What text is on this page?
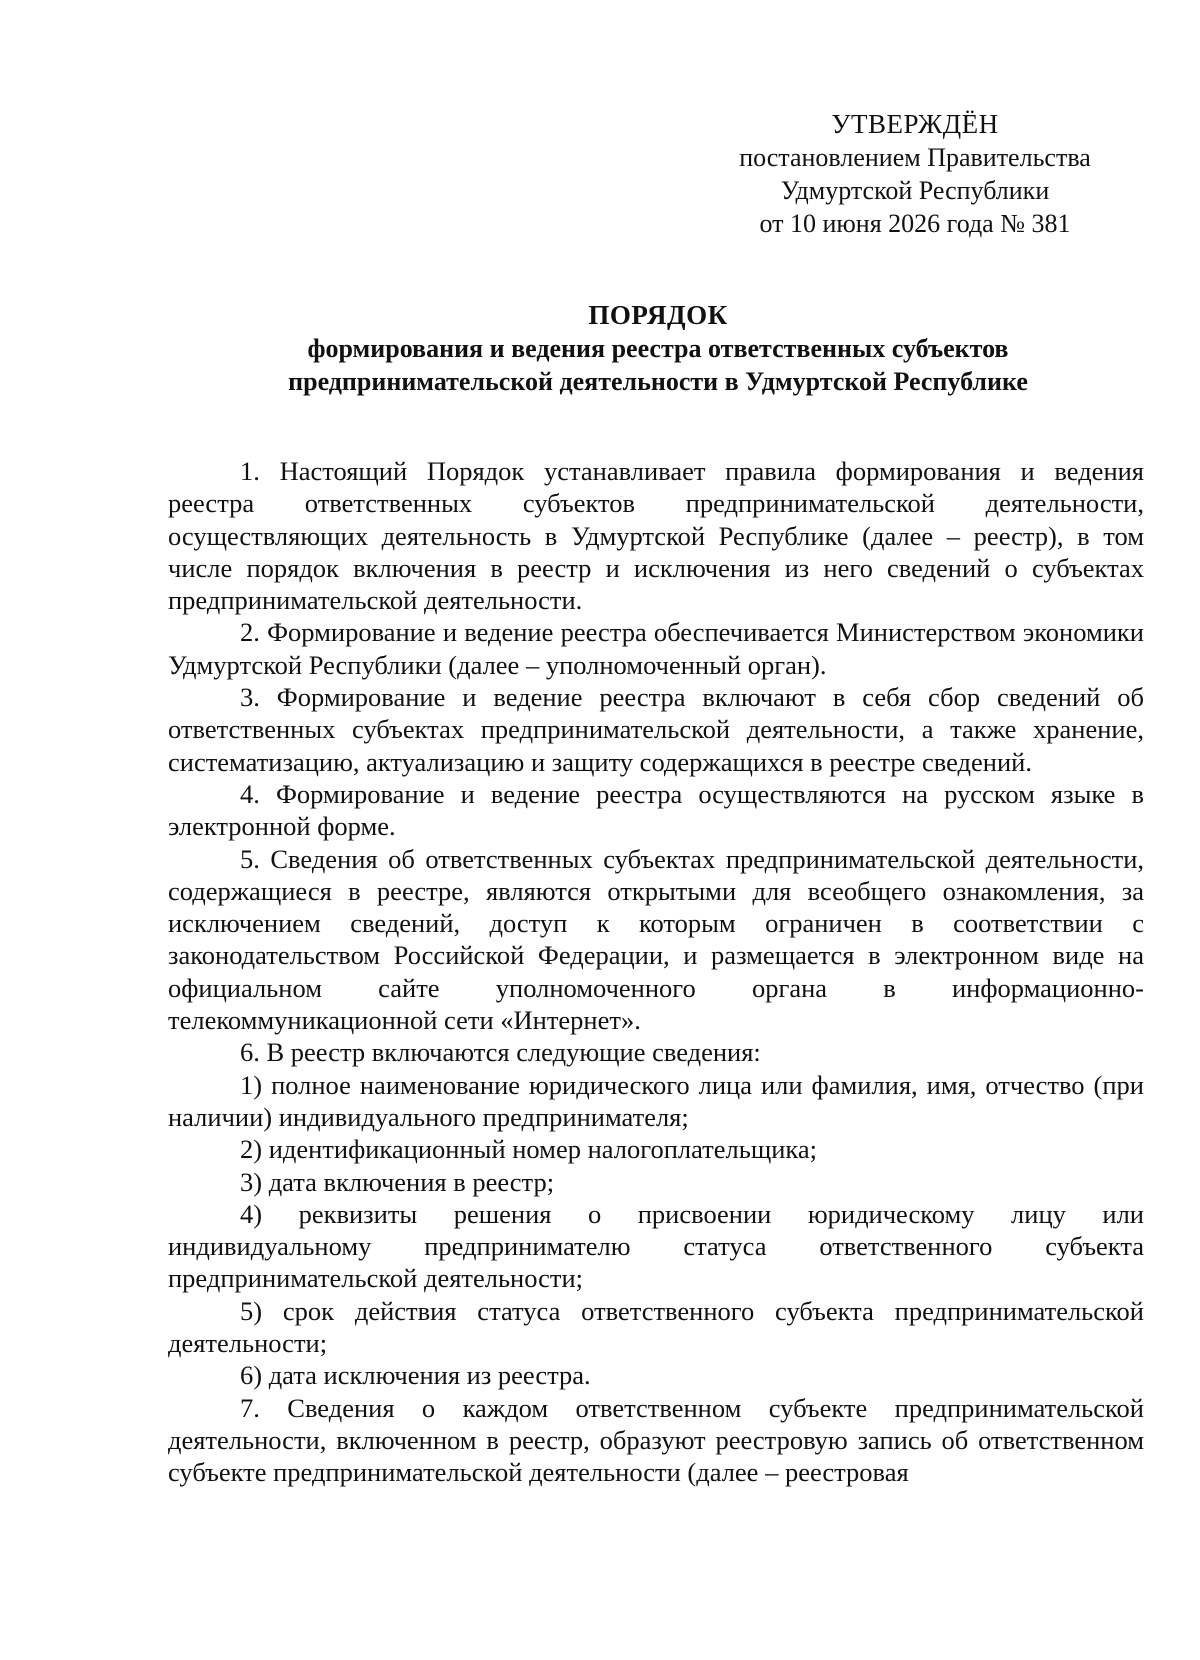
УТВЕРЖДЁН
постановлением Правительства
Удмуртской Республики
от 10 июня 2026 года № 381
ПОРЯДОК
формирования и ведения реестра ответственных субъектов
предпринимательской деятельности в Удмуртской Республике

1. Настоящий Порядок устанавливает правила формирования и ведения реестра ответственных субъектов предпринимательской деятельности, осуществляющих деятельность в Удмуртской Республике (далее – реестр), в том числе порядок включения в реестр и исключения из него сведений о субъектах предпринимательской деятельности.

2. Формирование и ведение реестра обеспечивается Министерством экономики Удмуртской Республики (далее – уполномоченный орган).

3. Формирование и ведение реестра включают в себя сбор сведений об ответственных субъектах предпринимательской деятельности, а также хранение, систематизацию, актуализацию и защиту содержащихся в реестре сведений.

4. Формирование и ведение реестра осуществляются на русском языке в электронной форме.

5. Сведения об ответственных субъектах предпринимательской деятельности, содержащиеся в реестре, являются открытыми для всеобщего ознакомления, за исключением сведений, доступ к которым ограничен в соответствии с законодательством Российской Федерации, и размещается в электронном виде на официальном сайте уполномоченного органа в информационно-телекоммуникационной сети «Интернет».

6. В реестр включаются следующие сведения:

1) полное наименование юридического лица или фамилия, имя, отчество (при наличии) индивидуального предпринимателя;

2) идентификационный номер налогоплательщика;

3) дата включения в реестр;

4) реквизиты решения о присвоении юридическому лицу или индивидуальному предпринимателю статуса ответственного субъекта предпринимательской деятельности;

5) срок действия статуса ответственного субъекта предпринимательской деятельности;

6) дата исключения из реестра.

7. Сведения о каждом ответственном субъекте предпринимательской деятельности, включенном в реестр, образуют реестровую запись об ответственном субъекте предпринимательской деятельности (далее – реестровая
